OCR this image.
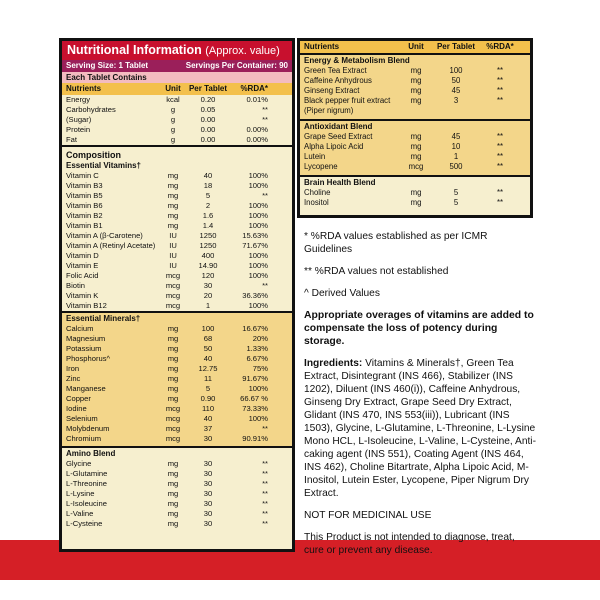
Nutritional Information (Approx. value)
Serving Size: 1 Tablet	Servings Per Container: 90
Each Tablet Contains
Nutrients	Unit	Per Tablet	%RDA*
Energy	kcal	0.20	0.01%
Carbohydrates	g	0.05	**
(Sugar)	g	0.00	**
Protein	g	0.00	0.00%
Fat	g	0.00	0.00%
Composition
Essential Vitamins†
Vitamin C	mg	40	100%
Vitamin B3	mg	18	100%
Vitamin B5	mg	5	**
Vitamin B6	mg	2	100%
Vitamin B2	mg	1.6	100%
Vitamin B1	mg	1.4	100%
Vitamin A (β-Carotene)	IU	1250	15.63%
Vitamin A (Retinyl Acetate)	IU	1250	71.67%
Vitamin D	IU	400	100%
Vitamin E	IU	14.90	100%
Folic Acid	mcg	120	100%
Biotin	mcg	30	**
Vitamin K	mcg	20	36.36%
Vitamin B12	mcg	1	100%
Essential Minerals†
Calcium	mg	100	16.67%
Magnesium	mg	68	20%
Potassium	mg	50	1.33%
Phosphorus^	mg	40	6.67%
Iron	mg	12.75	75%
Zinc	mg	11	91.67%
Manganese	mg	5	100%
Copper	mg	0.90	66.67 %
Iodine	mcg	110	73.33%
Selenium	mcg	40	100%
Molybdenum	mcg	37	**
Chromium	mcg	30	90.91%
Amino Blend
Glycine	mg	30	**
L-Glutamine	mg	30	**
L-Threonine	mg	30	**
L-Lysine	mg	30	**
L-Isoleucine	mg	30	**
L-Valine	mg	30	**
L-Cysteine	mg	30	**
Nutrients	Unit	Per Tablet	%RDA*
Energy & Metabolism Blend
Green Tea Extract	mg	100	**
Caffeine Anhydrous	mg	50	**
Ginseng Extract	mg	45	**
Black pepper fruit extract	mg	3	**
(Piper nigrum)
Antioxidant Blend
Grape Seed Extract	mg	45	**
Alpha Lipoic Acid	mg	10	**
Lutein	mg	1	**
Lycopene	mcg	500	**
Brain Health Blend
Choline	mg	5	**
Inositol	mg	5	**

* %RDA values established as per ICMR Guidelines

** %RDA values not established

^ Derived Values

Appropriate overages of vitamins are added to compensate the loss of potency during storage.

Ingredients: Vitamins & Minerals†, Green Tea Extract, Disintegrant (INS 466), Stabilizer (INS 1202), Diluent (INS 460(i)), Caffeine Anhydrous, Ginseng Dry Extract, Grape Seed Dry Extract, Glidant (INS 470, INS 553(iii)), Lubricant (INS 1503), Glycine, L-Glutamine, L-Threonine, L-Lysine Mono HCL, L-Isoleucine, L-Valine, L-Cysteine, Anti-caking agent (INS 551), Coating Agent (INS 464, INS 462), Choline Bitartrate, Alpha Lipoic Acid, M- Inositol, Lutein Ester, Lycopene, Piper Nigrum Dry Extract.

NOT FOR MEDICINAL USE

This Product is not intended to diagnose, treat, cure or prevent any disease.
